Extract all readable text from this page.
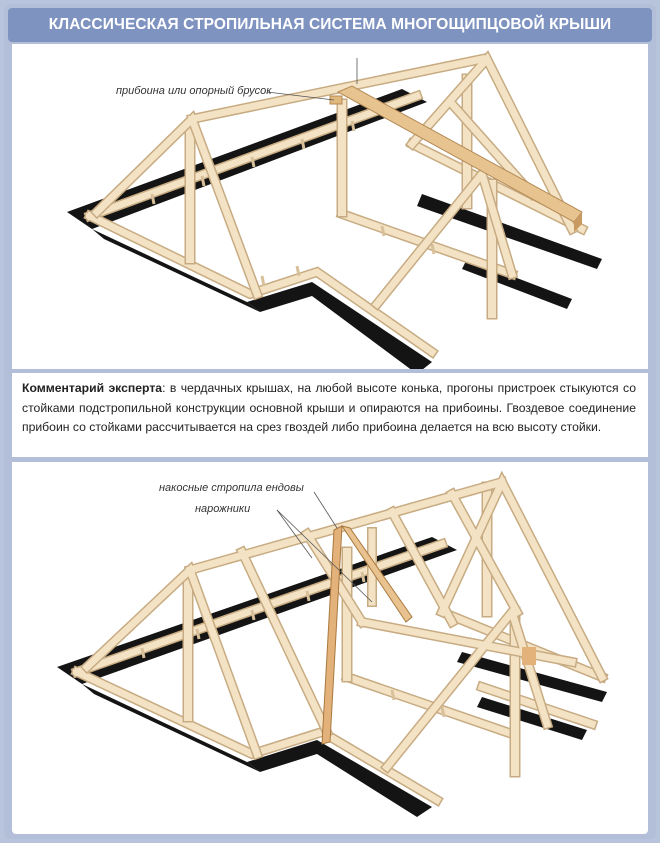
КЛАССИЧЕСКАЯ СТРОПИЛЬНАЯ СИСТЕМА МНОГОЩИПЦОВОЙ КРЫШИ
прибоина или опорный брусок
Комментарий эксперта: в чердачных крышах, на любой высоте конька, прогоны пристроек стыкуются со стойками подстропильной конструкции основной крыши и опираются на прибоины. Гвоздевое соединение прибоин со стойками рассчитывается на срез гвоздей либо прибоина делается на всю высоту стойки.
накосные стропила ендовы
нарожники
